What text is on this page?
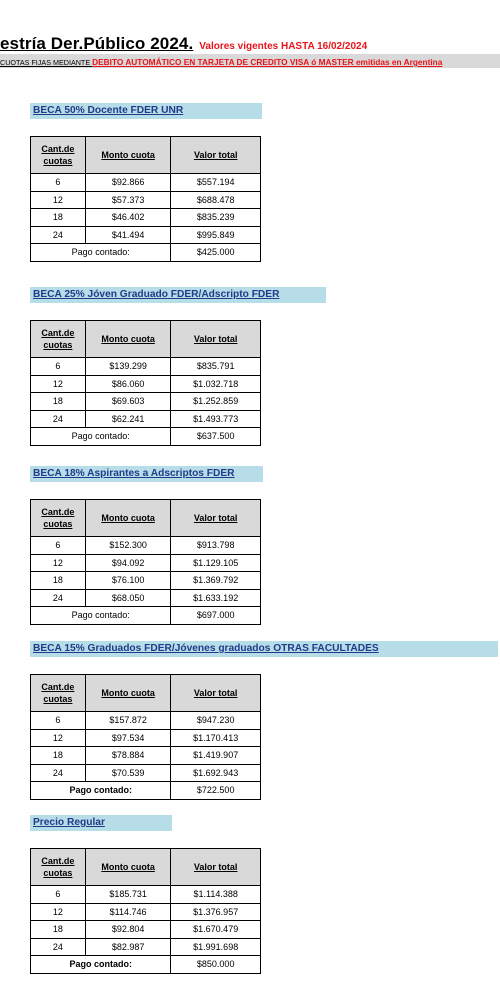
estría Der.Público 2024. Valores vigentes HASTA 16/02/2024
CUOTAS FIJAS MEDIANTE DEBITO AUTOMÁTICO EN TARJETA DE CREDITO VISA ó MASTER emitidas en Argentina
BECA 50% Docente FDER UNR
Cant.de cuotas	Monto cuota	Valor total
6	$92.866	$557.194
12	$57.373	$688.478
18	$46.402	$835.239
24	$41.494	$995.849
Pago contado:		$425.000
BECA 25% Jóven Graduado FDER/Adscripto FDER
Cant.de cuotas	Monto cuota	Valor total
6	$139.299	$835.791
12	$86.060	$1.032.718
18	$69.603	$1.252.859
24	$62.241	$1.493.773
Pago contado:		$637.500
BECA 18% Aspirantes a Adscriptos FDER
Cant.de cuotas	Monto cuota	Valor total
6	$152.300	$913.798
12	$94.092	$1.129.105
18	$76.100	$1.369.792
24	$68.050	$1.633.192
Pago contado:		$697.000
BECA 15% Graduados FDER/Jóvenes graduados OTRAS FACULTADES
Cant.de cuotas	Monto cuota	Valor total
6	$157.872	$947.230
12	$97.534	$1.170.413
18	$78.884	$1.419.907
24	$70.539	$1.692.943
Pago contado:		$722.500
Precio Regular
Cant.de cuotas	Monto cuota	Valor total
6	$185.731	$1.114.388
12	$114.746	$1.376.957
18	$92.804	$1.670.479
24	$82.987	$1.991.698
Pago contado:		$850.000
